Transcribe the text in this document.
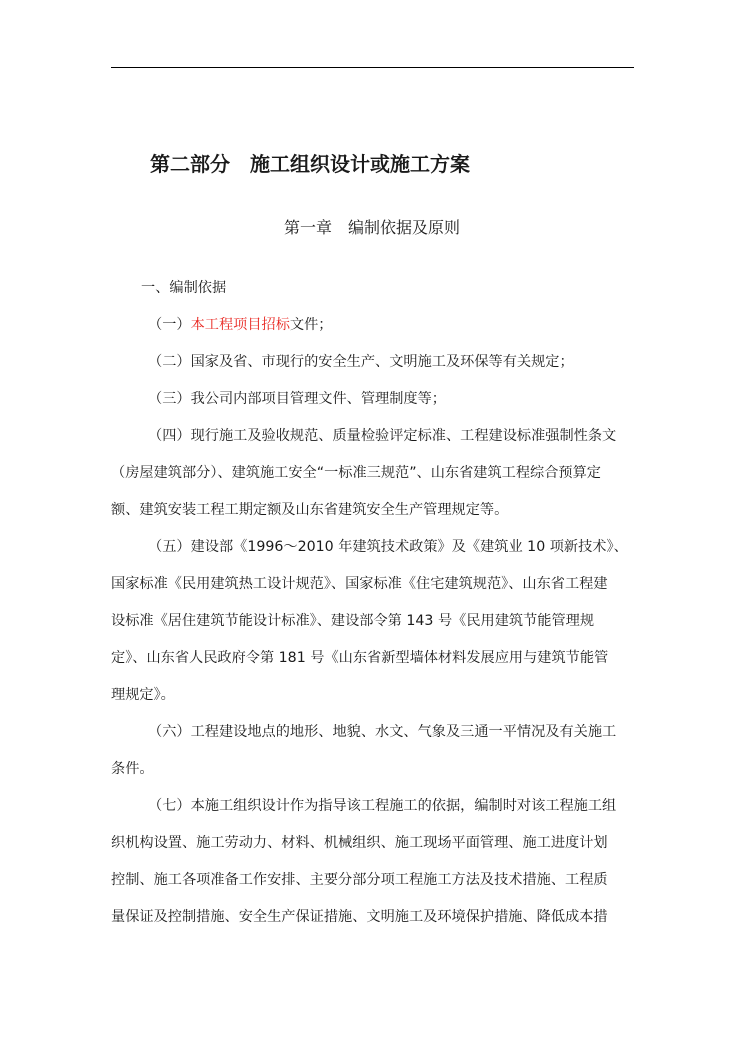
第二部分　施工组织设计或施工方案
第一章　编制依据及原则
一、编制依据
（一）本工程项目招标文件；
（二）国家及省、市现行的安全生产、文明施工及环保等有关规定；
（三）我公司内部项目管理文件、管理制度等；
（四）现行施工及验收规范、质量检验评定标准、工程建设标准强制性条文
（房屋建筑部分）、建筑施工安全“一标准三规范”、山东省建筑工程综合预算定
额、建筑安装工程工期定额及山东省建筑安全生产管理规定等。
（五）建设部《1996～2010 年建筑技术政策》及《建筑业 10 项新技术》、
国家标准《民用建筑热工设计规范》、国家标准《住宅建筑规范》、山东省工程建
设标准《居住建筑节能设计标准》、建设部令第 143 号《民用建筑节能管理规
定》、山东省人民政府令第 181 号《山东省新型墙体材料发展应用与建筑节能管
理规定》。
（六）工程建设地点的地形、地貌、水文、气象及三通一平情况及有关施工
条件。
（七）本施工组织设计作为指导该工程施工的依据，编制时对该工程施工组
织机构设置、施工劳动力、材料、机械组织、施工现场平面管理、施工进度计划
控制、施工各项准备工作安排、主要分部分项工程施工方法及技术措施、工程质
量保证及控制措施、安全生产保证措施、文明施工及环境保护措施、降低成本措
